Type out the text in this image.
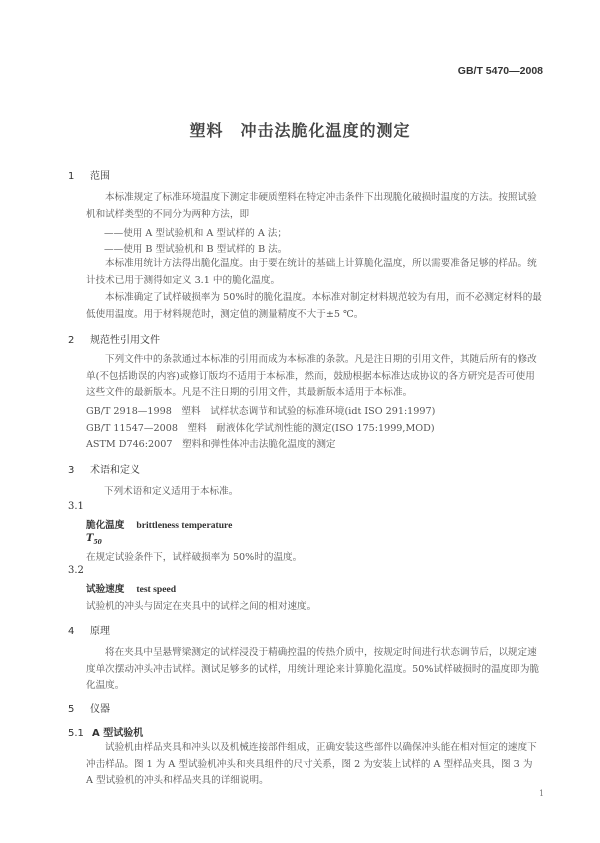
GB/T 5470—2008
塑料　冲击法脆化温度的测定
1 范围

本标准规定了标准环境温度下测定非硬质塑料在特定冲击条件下出现脆化破损时温度的方法。按照试验机和试样类型的不同分为两种方法，即

——使用 A 型试验机和 A 型试样的 A 法；
——使用 B 型试验机和 B 型试样的 B 法。

本标准用统计方法得出脆化温度。由于要在统计的基础上计算脆化温度，所以需要准备足够的样品。统计技术已用于测得如定义 3.1 中的脆化温度。

本标准确定了试样破损率为 50%时的脆化温度。本标准对制定材料规范较为有用，而不必测定材料的最低使用温度。用于材料规范时，测定值的测量精度不大于±5 ℃。

2 规范性引用文件

下列文件中的条款通过本标准的引用而成为本标准的条款。凡是注日期的引用文件，其随后所有的修改单(不包括勘误的内容)或修订版均不适用于本标准，然而，鼓励根据本标准达成协议的各方研究是否可使用这些文件的最新版本。凡是不注日期的引用文件，其最新版本适用于本标准。

GB/T 2918—1998　塑料　试样状态调节和试验的标准环境(idt ISO 291:1997)
GB/T 11547—2008　塑料　耐液体化学试剂性能的测定(ISO 175:1999,MOD)
ASTM D746:2007　塑料和弹性体冲击法脆化温度的测定
3 术语和定义
下列术语和定义适用于本标准。
3.1
脆化温度 brittleness temperature
$T_{50}$
在规定试验条件下，试样破损率为 50%时的温度。
3.2
试验速度 test speed
试验机的冲头与固定在夹具中的试样之间的相对速度。
4 原理

将在夹具中呈悬臂梁测定的试样浸没于精确控温的传热介质中，按规定时间进行状态调节后，以规定速度单次摆动冲头冲击试样。测试足够多的试样，用统计理论来计算脆化温度。50%试样破损时的温度即为脆化温度。

5 仪器
5.1 A 型试验机

试验机由样品夹具和冲头以及机械连接部件组成，正确安装这些部件以确保冲头能在相对恒定的速度下冲击样品。图 1 为 A 型试验机冲头和夹具组件的尺寸关系，图 2 为安装上试样的 A 型样品夹具，图 3 为 A 型试验机的冲头和样品夹具的详细说明。

1
